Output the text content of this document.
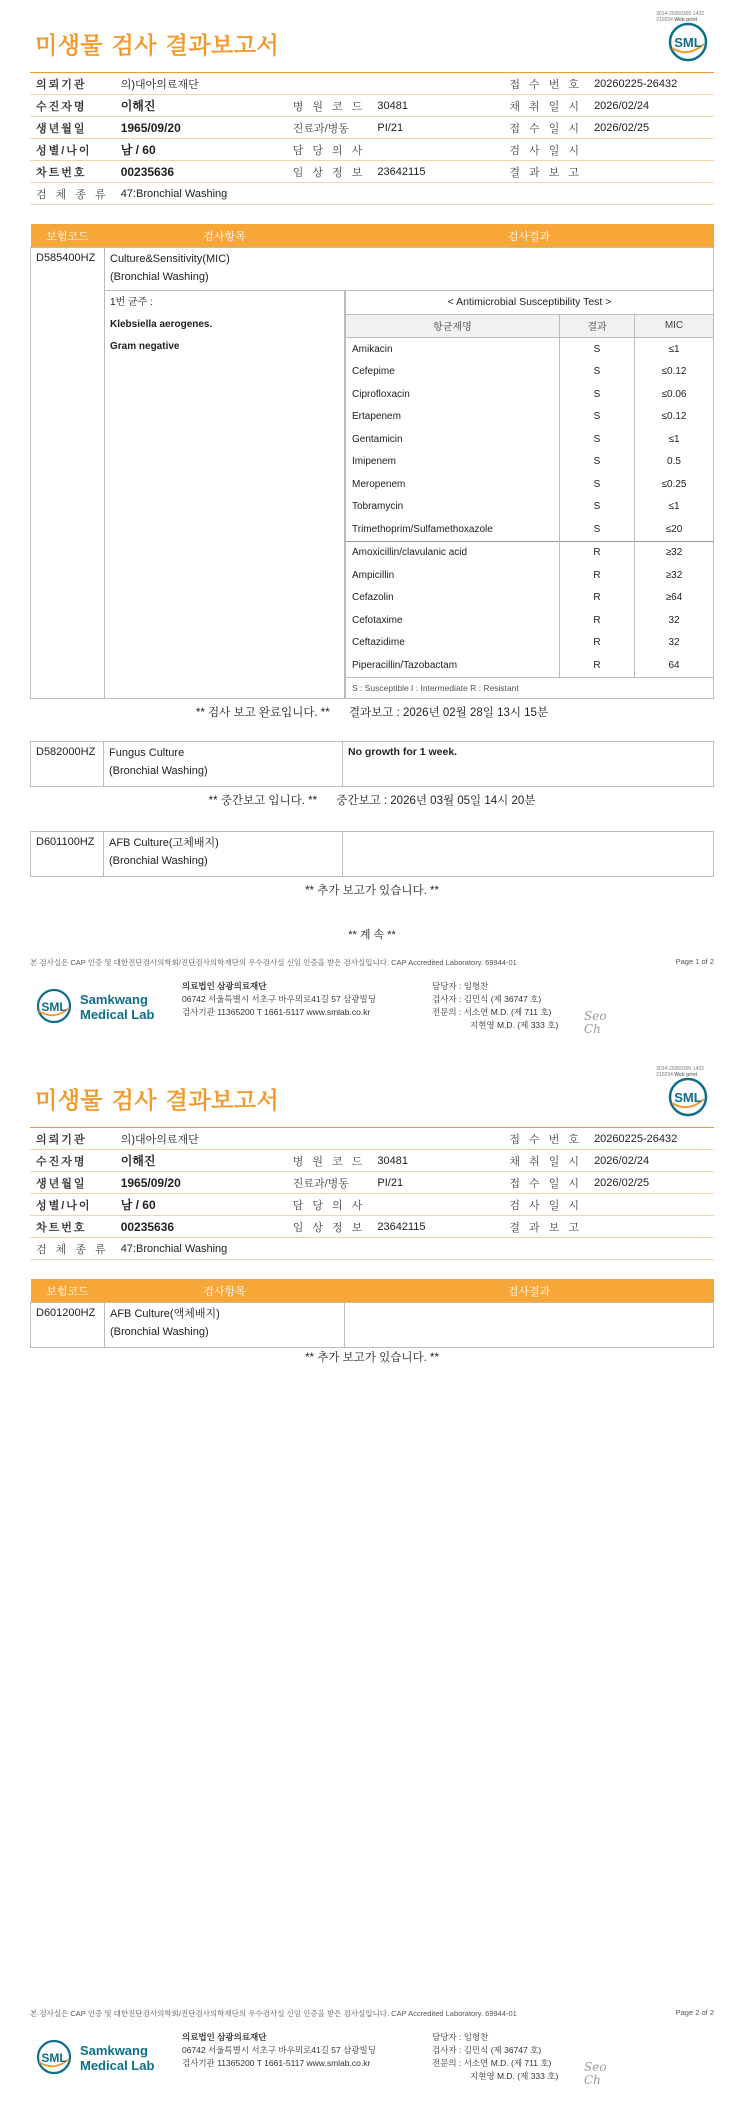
3014-20260305-1432
210234 Web print
미생물 검사 결과보고서	SML
의뢰기관	의)대아의료재단			접 수 번 호	20260225-26432
수진자명	이해진	병 원 코 드	30481	채 취 일 시	2026/02/24
생년월일	1965/09/20	진료과/병동	PI/21	접 수 일 시	2026/02/25
성별/나이	남 / 60	담 당 의 사		검 사 일 시	
차트번호	00235636	임 상 정 보	23642115	결 과 보 고	
검 체 종 류	47:Bronchial Washing				
보험코드	검사항목	검사결과
D585400HZ	Culture&Sensitivity(MIC)
(Bronchial Washing)

1번 균주 :
Klebsiella aerogenes.
Gram negative

< Antimicrobial Susceptibility Test >
항균제명	결과	MIC
Amikacin	S	≤1
Cefepime	S	≤0.12
Ciprofloxacin	S	≤0.06
Ertapenem	S	≤0.12
Gentamicin	S	≤1
Imipenem	S	0.5
Meropenem	S	≤0.25
Tobramycin	S	≤1
Trimethoprim/Sulfamethoxazole	S	≤20
Amoxicillin/clavulanic acid	R	≥32
Ampicillin	R	≥32
Cefazolin	R	≥64
Cefotaxime	R	32
Ceftazidime	R	32
Piperacillin/Tazobactam	R	64
S : Susceptible I : Intermediate R : Resistant
** 검사 보고 완료입니다. ** 결과보고 : 2026년 02월 28일 13시 15분
D582000HZ	Fungus Culture
(Bronchial Washing)
	No growth for 1 week.
** 중간보고 입니다. ** 중간보고 : 2026년 03월 05일 14시 20분
D601100HZ	AFB Culture(고체배지)
(Bronchial Washing)

** 추가 보고가 있습니다. **
** 계 속 **
본 검사실은 CAP 인증 및 대한진단검사의학회/진단검사의학재단의 우수검사실 신임 인증을 받은 검사실입니다. CAP Accredited Laboratory. 69944-01	Page 1 of 2
SML Samkwang
Medical Lab
의료법인 삼광의료재단
06742 서울특별시 서초구 바우뫼로41길 57 삼광빌딩
검사기관 11365200 T 1661-5117 www.smlab.co.kr
담당자 : 임형찬
검사자 : 김민식 (제 36747 호)
전문의 : 서소연 M.D. (제 711 호)
지현영 M.D. (제 333 호)
Seo
Ch
3014-20260305-1432
210234 Web print
미생물 검사 결과보고서	SML
의뢰기관	의)대아의료재단			접 수 번 호	20260225-26432
수진자명	이해진	병 원 코 드	30481	채 취 일 시	2026/02/24
생년월일	1965/09/20	진료과/병동	PI/21	접 수 일 시	2026/02/25
성별/나이	남 / 60	담 당 의 사		검 사 일 시	
차트번호	00235636	임 상 정 보	23642115	결 과 보 고	
검 체 종 류	47:Bronchial Washing				
보험코드	검사항목	검사결과
D601200HZ	AFB Culture(액체배지)
(Bronchial Washing)	

** 추가 보고가 있습니다. **
본 검사실은 CAP 인증 및 대한진단검사의학회/진단검사의학재단의 우수검사실 신임 인증을 받은 검사실입니다. CAP Accredited Laboratory. 69944-01	Page 2 of 2
SML Samkwang
Medical Lab
의료법인 삼광의료재단
06742 서울특별시 서초구 바우뫼로41길 57 삼광빌딩
검사기관 11365200 T 1661-5117 www.smlab.co.kr
담당자 : 임형찬
검사자 : 김민식 (제 36747 호)
전문의 : 서소연 M.D. (제 711 호)
지현영 M.D. (제 333 호)
Seo
Ch
